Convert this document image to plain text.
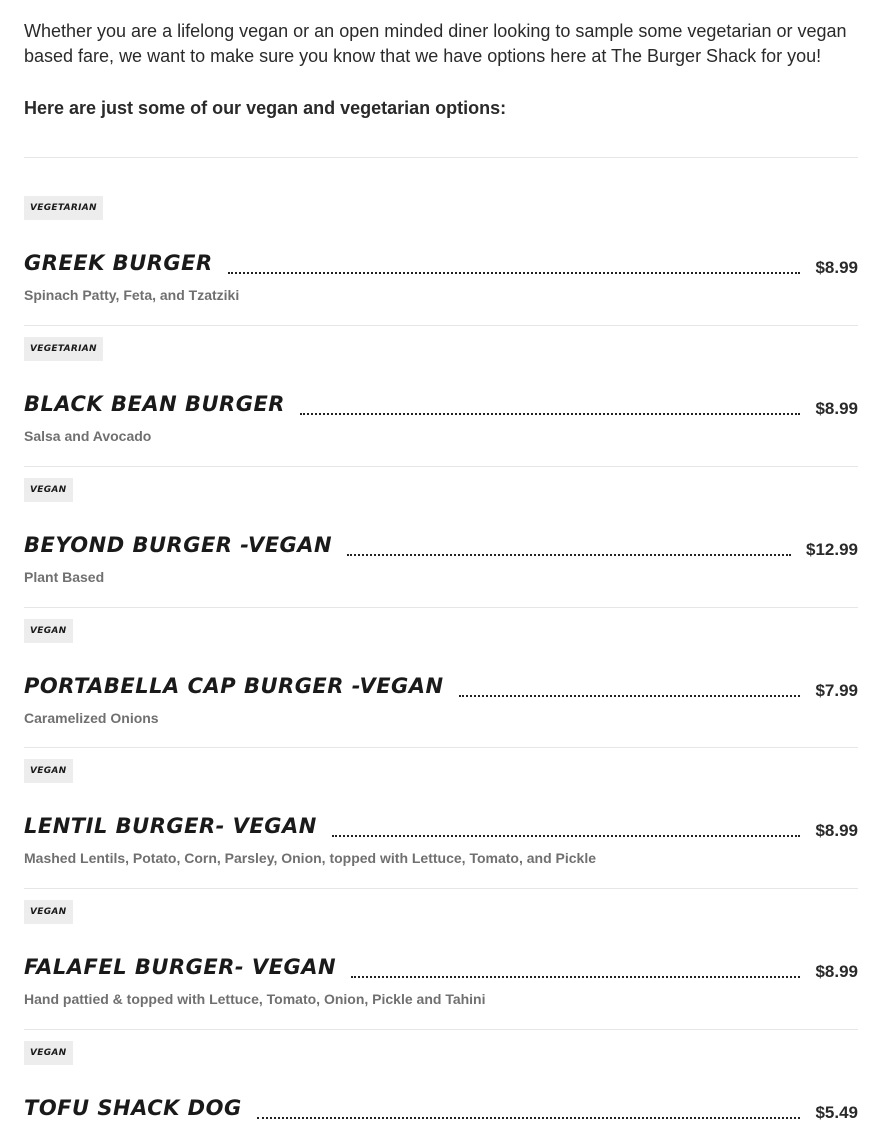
Whether you are a lifelong vegan or an open minded diner looking to sample some vegetarian or vegan based fare, we want to make sure you know that we have options here at The Burger Shack for you!

Here are just some of our vegan and vegetarian options:

VEGETARIAN
GREEK BURGER	$8.99
Spinach Patty, Feta, and Tzatziki
VEGETARIAN
BLACK BEAN BURGER	$8.99
Salsa and Avocado
VEGAN
BEYOND BURGER -VEGAN	$12.99
Plant Based
VEGAN
PORTABELLA CAP BURGER -VEGAN	$7.99
Caramelized Onions
VEGAN
LENTIL BURGER- VEGAN	$8.99
Mashed Lentils, Potato, Corn, Parsley, Onion, topped with Lettuce, Tomato, and Pickle
VEGAN
FALAFEL BURGER- VEGAN	$8.99
Hand pattied & topped with Lettuce, Tomato, Onion, Pickle and Tahini
VEGAN
TOFU SHACK DOG	$5.49
